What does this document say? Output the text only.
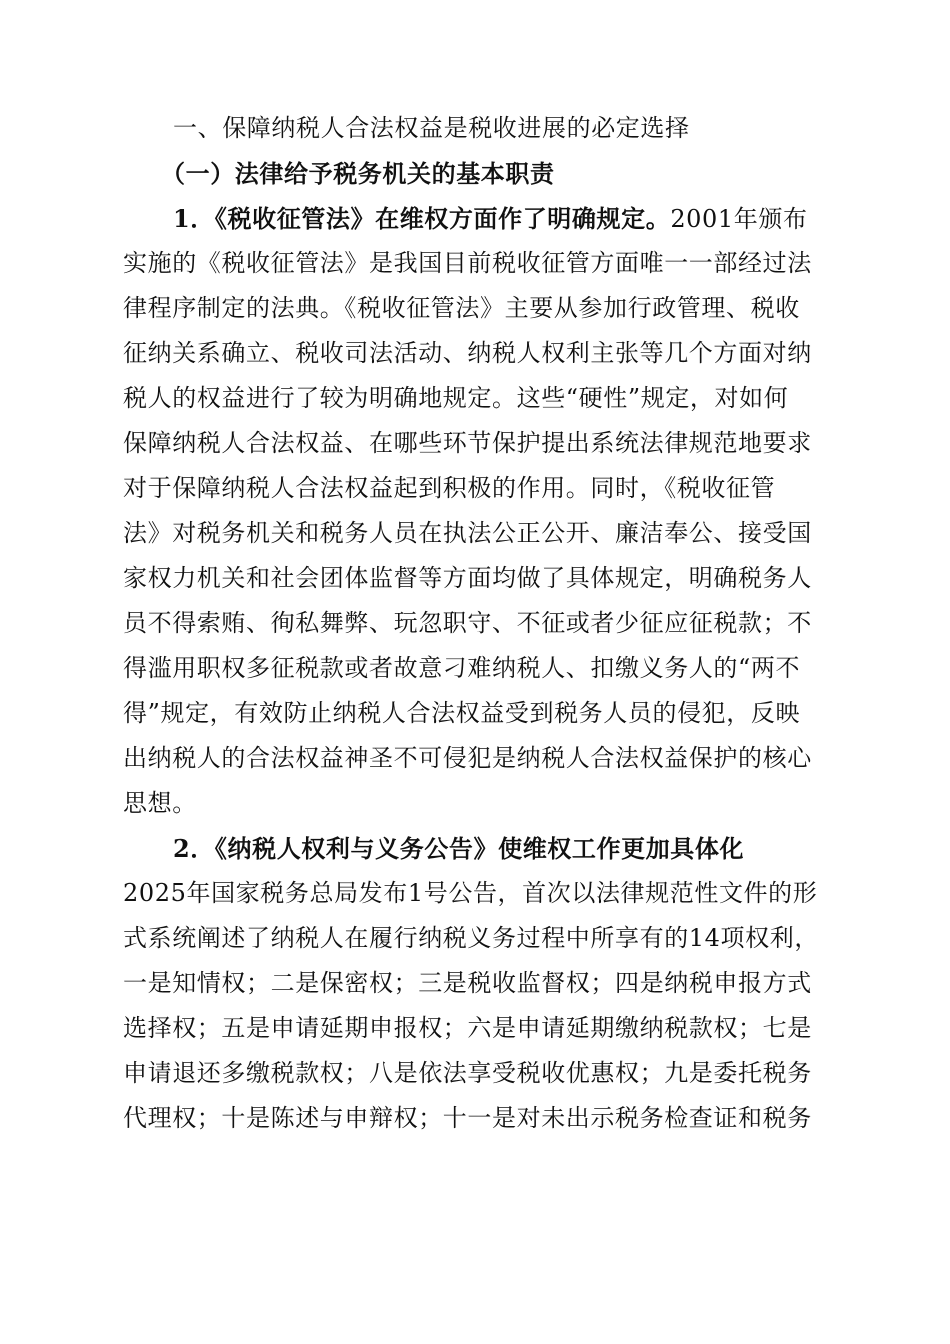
一、保障纳税人合法权益是税收进展的必定选择
（一）法律给予税务机关的基本职责
1．《税收征管法》在维权方面作了明确规定。2001年颁布
实施的《税收征管法》是我国目前税收征管方面唯一一部经过法
律程序制定的法典。《税收征管法》主要从参加行政管理、税收
征纳关系确立、税收司法活动、纳税人权利主张等几个方面对纳
税人的权益进行了较为明确地规定。这些“硬性”规定，对如何
保障纳税人合法权益、在哪些环节保护提出系统法律规范地要求
对于保障纳税人合法权益起到积极的作用。同时，《税收征管
法》对税务机关和税务人员在执法公正公开、廉洁奉公、接受国
家权力机关和社会团体监督等方面均做了具体规定，明确税务人
员不得索贿、徇私舞弊、玩忽职守、不征或者少征应征税款；不
得滥用职权多征税款或者故意刁难纳税人、扣缴义务人的“两不
得”规定，有效防止纳税人合法权益受到税务人员的侵犯，反映
出纳税人的合法权益神圣不可侵犯是纳税人合法权益保护的核心
思想。
2．《纳税人权利与义务公告》使维权工作更加具体化
2025年国家税务总局发布1号公告，首次以法律规范性文件的形
式系统阐述了纳税人在履行纳税义务过程中所享有的14项权利，
一是知情权；二是保密权；三是税收监督权；四是纳税申报方式
选择权；五是申请延期申报权；六是申请延期缴纳税款权；七是
申请退还多缴税款权；八是依法享受税收优惠权；九是委托税务
代理权；十是陈述与申辩权；十一是对未出示税务检查证和税务
